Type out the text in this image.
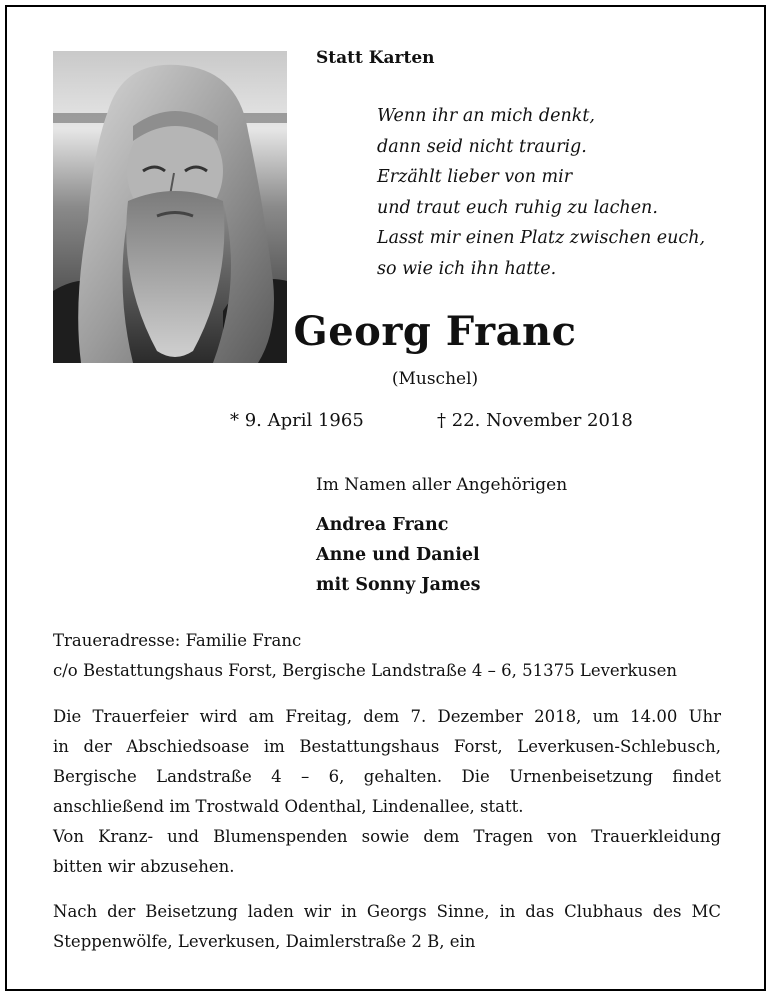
Statt Karten
Wenn ihr an mich denkt,
dann seid nicht traurig.
Erzählt lieber von mir
und traut euch ruhig zu lachen.
Lasst mir einen Platz zwischen euch,
so wie ich ihn hatte.
Georg Franc
(Muschel)
* 9. April 1965	† 22. November 2018
Im Namen aller Angehörigen
Andrea Franc
Anne und Daniel
mit Sonny James
Traueradresse: Familie Franc
c/o Bestattungshaus Forst, Bergische Landstraße 4 – 6, 51375 Leverkusen
Die Trauerfeier wird am Freitag, dem 7. Dezember 2018, um 14.00 Uhr
in der Abschiedsoase im Bestattungshaus Forst, Leverkusen-Schlebusch,
Bergische Landstraße 4 – 6, gehalten. Die Urnenbeisetzung findet
anschließend im Trostwald Odenthal, Lindenallee, statt.
Von Kranz- und Blumenspenden sowie dem Tragen von Trauerkleidung
bitten wir abzusehen.
Nach der Beisetzung laden wir in Georgs Sinne, in das Clubhaus des MC
Steppenwölfe, Leverkusen, Daimlerstraße 2 B, ein
